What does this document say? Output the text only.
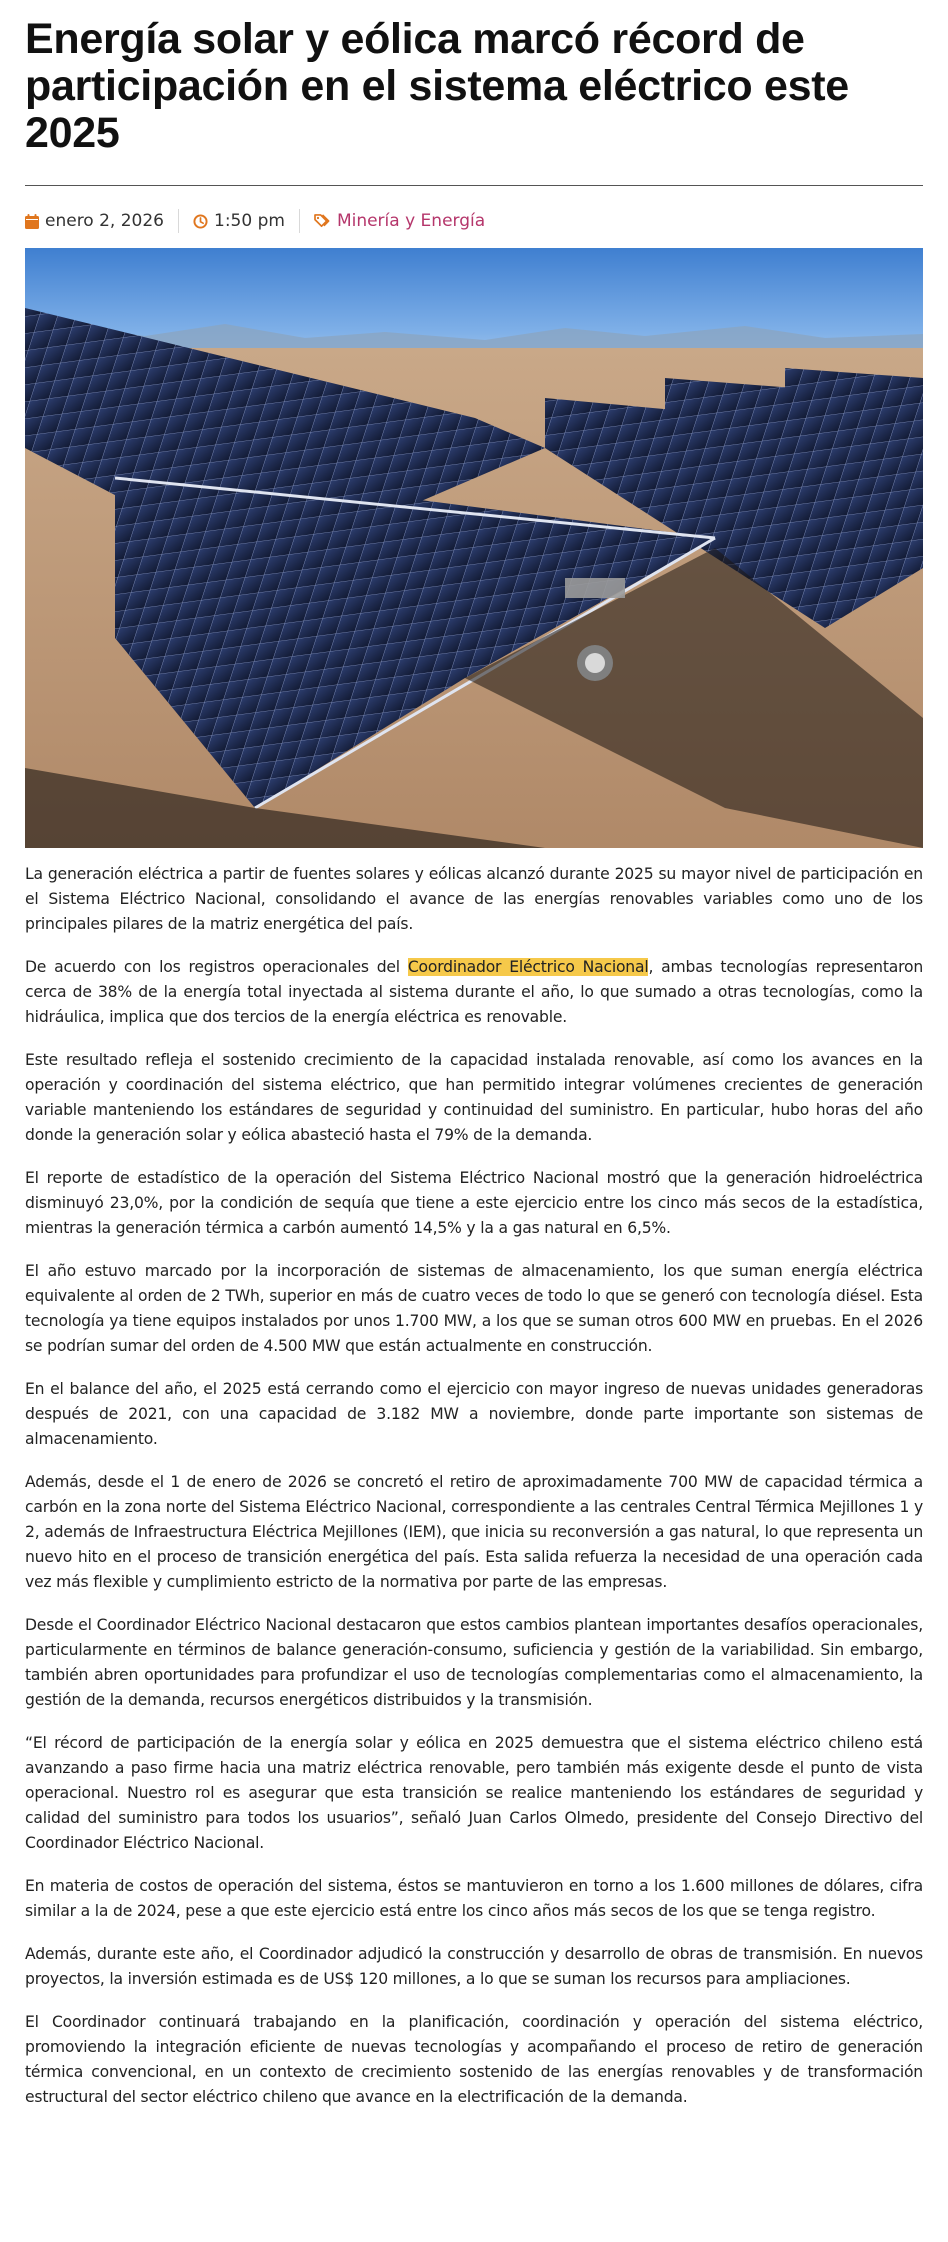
Energía solar y eólica marcó récord de participación en el sistema eléctrico este 2025
enero 2, 2026	1:50 pm	Minería y Energía

La generación eléctrica a partir de fuentes solares y eólicas alcanzó durante 2025 su mayor nivel de participación en el Sistema Eléctrico Nacional, consolidando el avance de las energías renovables variables como uno de los principales pilares de la matriz energética del país.

De acuerdo con los registros operacionales del Coordinador Eléctrico Nacional, ambas tecnologías representaron cerca de 38% de la energía total inyectada al sistema durante el año, lo que sumado a otras tecnologías, como la hidráulica, implica que dos tercios de la energía eléctrica es renovable.

Este resultado refleja el sostenido crecimiento de la capacidad instalada renovable, así como los avances en la operación y coordinación del sistema eléctrico, que han permitido integrar volúmenes crecientes de generación variable manteniendo los estándares de seguridad y continuidad del suministro. En particular, hubo horas del año donde la generación solar y eólica abasteció hasta el 79% de la demanda.

El reporte de estadístico de la operación del Sistema Eléctrico Nacional mostró que la generación hidroeléctrica disminuyó 23,0%, por la condición de sequía que tiene a este ejercicio entre los cinco más secos de la estadística, mientras la generación térmica a carbón aumentó 14,5% y la a gas natural en 6,5%.

El año estuvo marcado por la incorporación de sistemas de almacenamiento, los que suman energía eléctrica equivalente al orden de 2 TWh, superior en más de cuatro veces de todo lo que se generó con tecnología diésel. Esta tecnología ya tiene equipos instalados por unos 1.700 MW, a los que se suman otros 600 MW en pruebas. En el 2026 se podrían sumar del orden de 4.500 MW que están actualmente en construcción.

En el balance del año, el 2025 está cerrando como el ejercicio con mayor ingreso de nuevas unidades generadoras después de 2021, con una capacidad de 3.182 MW a noviembre, donde parte importante son sistemas de almacenamiento.

Además, desde el 1 de enero de 2026 se concretó el retiro de aproximadamente 700 MW de capacidad térmica a carbón en la zona norte del Sistema Eléctrico Nacional, correspondiente a las centrales Central Térmica Mejillones 1 y 2, además de Infraestructura Eléctrica Mejillones (IEM), que inicia su reconversión a gas natural, lo que representa un nuevo hito en el proceso de transición energética del país. Esta salida refuerza la necesidad de una operación cada vez más flexible y cumplimiento estricto de la normativa por parte de las empresas.

Desde el Coordinador Eléctrico Nacional destacaron que estos cambios plantean importantes desafíos operacionales, particularmente en términos de balance generación-consumo, suficiencia y gestión de la variabilidad. Sin embargo, también abren oportunidades para profundizar el uso de tecnologías complementarias como el almacenamiento, la gestión de la demanda, recursos energéticos distribuidos y la transmisión.

“El récord de participación de la energía solar y eólica en 2025 demuestra que el sistema eléctrico chileno está avanzando a paso firme hacia una matriz eléctrica renovable, pero también más exigente desde el punto de vista operacional. Nuestro rol es asegurar que esta transición se realice manteniendo los estándares de seguridad y calidad del suministro para todos los usuarios”, señaló Juan Carlos Olmedo, presidente del Consejo Directivo del Coordinador Eléctrico Nacional.

En materia de costos de operación del sistema, éstos se mantuvieron en torno a los 1.600 millones de dólares, cifra similar a la de 2024, pese a que este ejercicio está entre los cinco años más secos de los que se tenga registro.

Además, durante este año, el Coordinador adjudicó la construcción y desarrollo de obras de transmisión. En nuevos proyectos, la inversión estimada es de US$ 120 millones, a lo que se suman los recursos para ampliaciones.

El Coordinador continuará trabajando en la planificación, coordinación y operación del sistema eléctrico, promoviendo la integración eficiente de nuevas tecnologías y acompañando el proceso de retiro de generación térmica convencional, en un contexto de crecimiento sostenido de las energías renovables y de transformación estructural del sector eléctrico chileno que avance en la electrificación de la demanda.
